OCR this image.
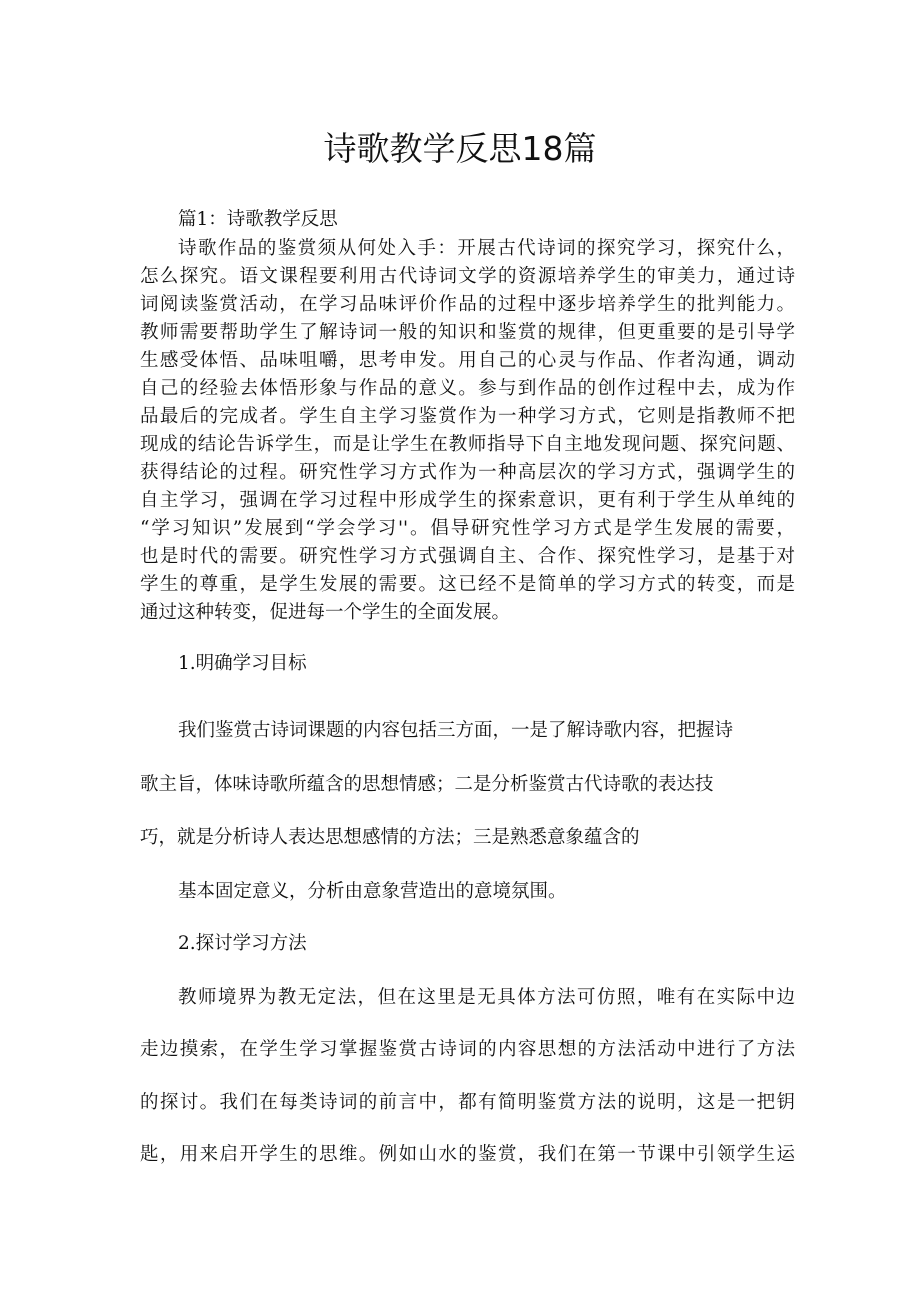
诗歌教学反思18篇
篇1：诗歌教学反思
诗歌作品的鉴赏须从何处入手：开展古代诗词的探究学习，探究什么，
怎么探究。语文课程要利用古代诗词文学的资源培养学生的审美力，通过诗
词阅读鉴赏活动，在学习品味评价作品的过程中逐步培养学生的批判能力。
教师需要帮助学生了解诗词一般的知识和鉴赏的规律，但更重要的是引导学
生感受体悟、品味咀嚼，思考申发。用自己的心灵与作品、作者沟通，调动
自己的经验去体悟形象与作品的意义。参与到作品的创作过程中去，成为作
品最后的完成者。学生自主学习鉴赏作为一种学习方式，它则是指教师不把
现成的结论告诉学生，而是让学生在教师指导下自主地发现问题、探究问题、
获得结论的过程。研究性学习方式作为一种高层次的学习方式，强调学生的
自主学习，强调在学习过程中形成学生的探索意识，更有利于学生从单纯的
“学习知识”发展到“学会学习''。倡导研究性学习方式是学生发展的需要，
也是时代的需要。研究性学习方式强调自主、合作、探究性学习，是基于对
学生的尊重，是学生发展的需要。这已经不是简单的学习方式的转变，而是
通过这种转变，促进每一个学生的全面发展。
1.明确学习目标
我们鉴赏古诗词课题的内容包括三方面，一是了解诗歌内容，把握诗
歌主旨，体味诗歌所蕴含的思想情感；二是分析鉴赏古代诗歌的表达技
巧，就是分析诗人表达思想感情的方法；三是熟悉意象蕴含的
基本固定意义，分析由意象营造出的意境氛围。
2.探讨学习方法
教师境界为教无定法，但在这里是无具体方法可仿照，唯有在实际中边
走边摸索，在学生学习掌握鉴赏古诗词的内容思想的方法活动中进行了方法
的探讨。我们在每类诗词的前言中，都有简明鉴赏方法的说明，这是一把钥
匙，用来启开学生的思维。例如山水的鉴赏，我们在第一节课中引领学生运
